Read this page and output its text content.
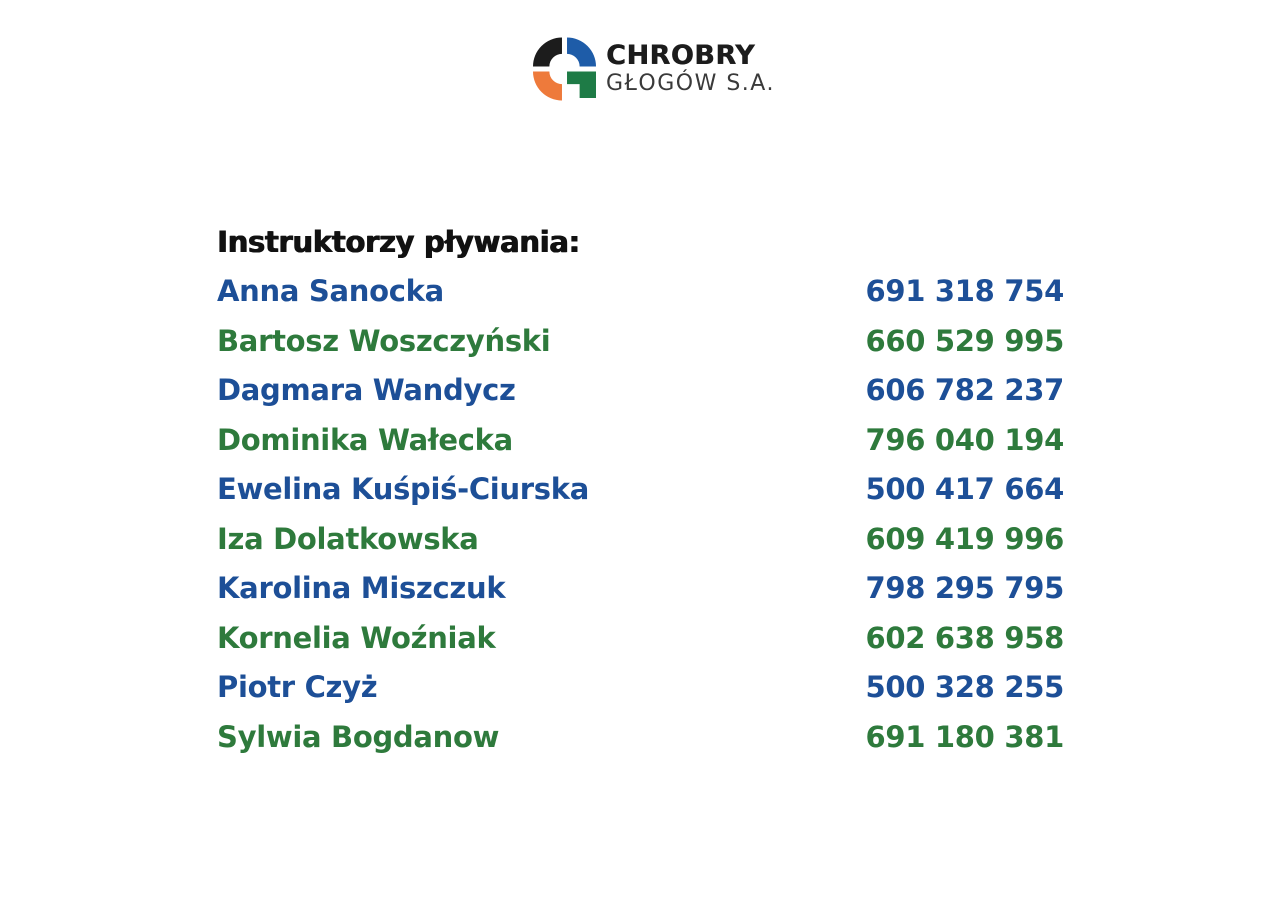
CHROBRY
GŁOGÓW S.A.
Instruktorzy pływania:
Anna Sanocka	691 318 754
Bartosz Woszczyński	660 529 995
Dagmara Wandycz	606 782 237
Dominika Wałecka	796 040 194
Ewelina Kuśpiś-Ciurska	500 417 664
Iza Dolatkowska	609 419 996
Karolina Miszczuk	798 295 795
Kornelia Woźniak	602 638 958
Piotr Czyż	500 328 255
Sylwia Bogdanow	691 180 381
